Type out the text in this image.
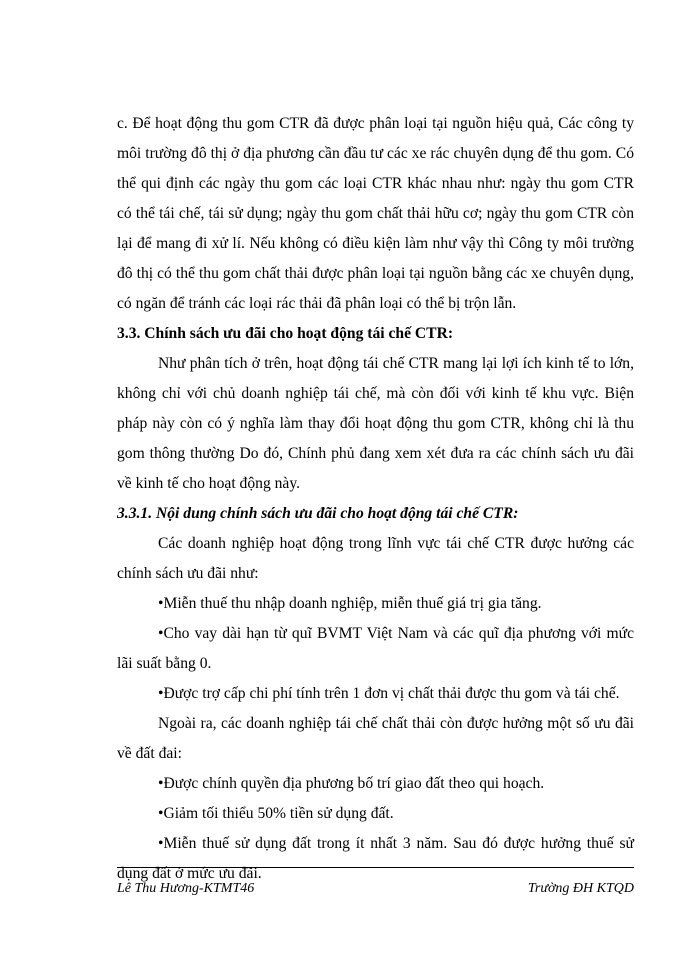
c. Để hoạt động thu gom CTR đã được phân loại tại nguồn hiệu quả, Các công ty môi trường đô thị ở địa phương cần đầu tư các xe rác chuyên dụng để thu gom. Có thể qui định các ngày thu gom các loại CTR khác nhau như: ngày thu gom CTR có thể tái chế, tái sử dụng; ngày thu gom chất thải hữu cơ; ngày thu gom CTR còn lại để mang đi xử lí. Nếu không có điều kiện làm như vậy thì Công ty môi trường đô thị có thể thu gom chất thải được phân loại tại nguồn bằng các xe chuyên dụng, có ngăn để tránh các loại rác thải đã phân loại có thể bị trộn lẫn.

3.3. Chính sách ưu đãi cho hoạt động tái chế CTR:

Như phân tích ở trên, hoạt động tái chế CTR mang lại lợi ích kinh tế to lớn, không chỉ với chủ doanh nghiệp tái chế, mà còn đối với kinh tế khu vực. Biện pháp này còn có ý nghĩa làm thay đổi hoạt động thu gom CTR, không chỉ là thu gom thông thường Do đó, Chính phủ đang xem xét đưa ra các chính sách ưu đãi về kinh tế cho hoạt động này.

3.3.1. Nội dung chính sách ưu đãi cho hoạt động tái chế CTR:

Các doanh nghiệp hoạt động trong lĩnh vực tái chế CTR được hưởng các chính sách ưu đãi như:

•Miễn thuế thu nhập doanh nghiệp, miễn thuế giá trị gia tăng.

•Cho vay dài hạn từ quĩ BVMT Việt Nam và các quĩ địa phương với mức lãi suất bằng 0.

•Được trợ cấp chi phí tính trên 1 đơn vị chất thải được thu gom và tái chế.

Ngoài ra, các doanh nghiệp tái chế chất thải còn được hưởng một số ưu đãi về đất đai:

•Được chính quyền địa phương bố trí giao đất theo qui hoạch.

•Giảm tối thiểu 50% tiền sử dụng đất.

•Miễn thuế sử dụng đất trong ít nhất 3 năm. Sau đó được hưởng thuế sử dụng đất ở mức ưu đãi.

Lê Thu Hương-KTMT46	Trường ĐH KTQD
